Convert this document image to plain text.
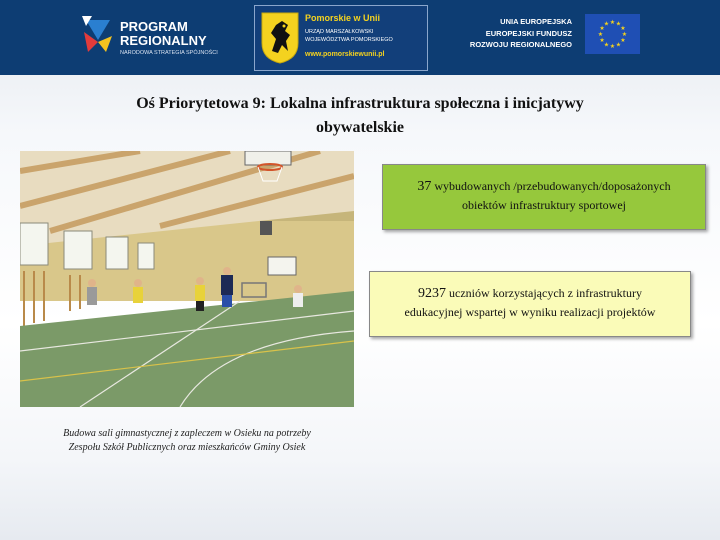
PROGRAM
REGIONALNY
NARODOWA STRATEGIA SPÓJNOŚCI
Pomorskie w Unii
URZĄD MARSZAŁKOWSKI
WOJEWÓDZTWA POMORSKIEGO
www.pomorskiewunii.pl
UNIA EUROPEJSKA
EUROPEJSKI FUNDUSZ
ROZWOJU REGIONALNEGO
★ ★
★
★
★
★
★
★
★
★
★
★
Oś Priorytetowa 9: Lokalna infrastruktura społeczna i inicjatywy
obywatelskie
Budowa sali gimnastycznej z zapleczem w Osieku na potrzeby
Zespołu Szkół Publicznych oraz mieszkańców Gminy Osiek
37 wybudowanych /przebudowanych/doposażonych
obiektów infrastruktury sportowej
9237 uczniów korzystających z infrastruktury
edukacyjnej wspartej w wyniku realizacji projektów
